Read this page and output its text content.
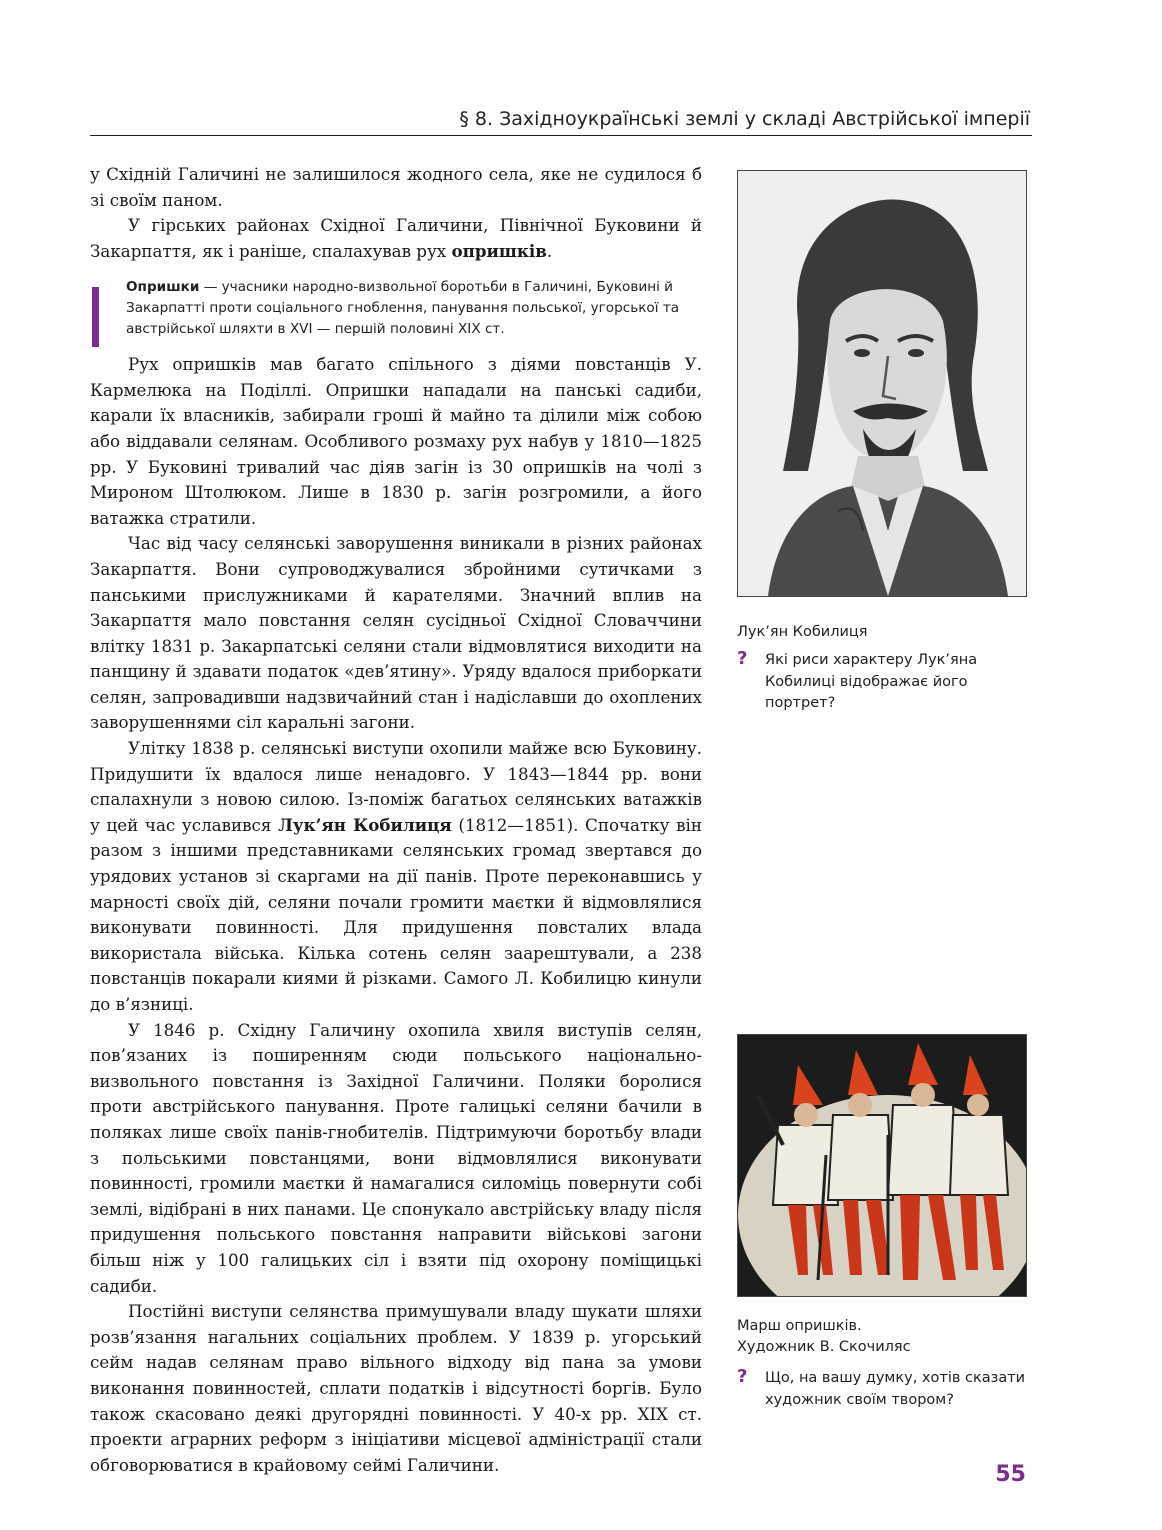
§ 8. Західноукраїнські землі у складі Австрійської імперії

у Східній Галичині не залишилося жодного села, яке не судилося б зі своїм паном.

У гірських районах Східної Галичини, Північної Буковини й Закарпаття, як і раніше, спалахував рух опришків.

Опришки — учасники народно-визвольної боротьби в Галичині, Буковині й Закарпатті проти соціального гноблення, панування польської, угорської та австрійської шляхти в XVI — першій половині XIX ст.

Рух опришків мав багато спільного з діями повстанців У. Кармелюка на Поділлі. Опришки нападали на панські садиби, карали їх власників, забирали гроші й майно та ділили між собою або віддавали селянам. Особливого розмаху рух набув у 1810—1825 рр. У Буковині тривалий час діяв загін із 30 опришків на чолі з Мироном Штолюком. Лише в 1830 р. загін розгромили, а його ватажка стратили.

Час від часу селянські заворушення виникали в різних районах Закарпаття. Вони супроводжувалися збройними сутичками з панськими прислужниками й карателями. Значний вплив на Закарпаття мало повстання селян сусідньої Східної Словаччини влітку 1831 р. Закарпатські селяни стали відмовлятися виходити на панщину й здавати податок «дев’ятину». Уряду вдалося приборкати селян, запровадивши надзвичайний стан і надіславши до охоплених заворушеннями сіл каральні загони.

Улітку 1838 р. селянські виступи охопили майже всю Буковину. Придушити їх вдалося лише ненадовго. У 1843—1844 рр. вони спалахнули з новою силою. Із-поміж багатьох селянських ватажків у цей час уславився Лук’ян Кобилиця (1812—1851). Спочатку він разом з іншими представниками селянських громад звертався до урядових установ зі скаргами на дії панів. Проте переконавшись у марності своїх дій, селяни почали громити маєтки й відмовлялися виконувати повинності. Для придушення повсталих влада використала війська. Кілька сотень селян заарештували, а 238 повстанців покарали киями й різками. Самого Л. Кобилицю кинули до в’язниці.

У 1846 р. Східну Галичину охопила хвиля виступів селян, пов’язаних із поширенням сюди польського національно-визвольного повстання із Західної Галичини. Поляки боролися проти австрійського панування. Проте галицькі селяни бачили в поляках лише своїх панів-гнобителів. Підтримуючи боротьбу влади з польськими повстанцями, вони відмовлялися виконувати повинності, громили маєтки й намагалися силоміць повернути собі землі, відібрані в них панами. Це спонукало австрійську владу після придушення польського повстання направити військові загони більш ніж у 100 галицьких сіл і взяти під охорону поміщицькі садиби.

Постійні виступи селянства примушували владу шукати шляхи розв’язання нагальних соціальних проблем. У 1839 р. угорський сейм надав селянам право вільного відходу від пана за умови виконання повинностей, сплати податків і відсутності боргів. Було також скасовано деякі другорядні повинності. У 40-х рр. XIX ст. проекти аграрних реформ з ініціативи місцевої адміністрації стали обговорюватися в крайовому сеймі Галичини.

Лук’ян Кобилиця
? Які риси характеру Лук’яна Кобилиці відображає його портрет?
Марш опришків.
Художник В. Скочиляс
? Що, на вашу думку, хотів сказати художник своїм твором?
55
